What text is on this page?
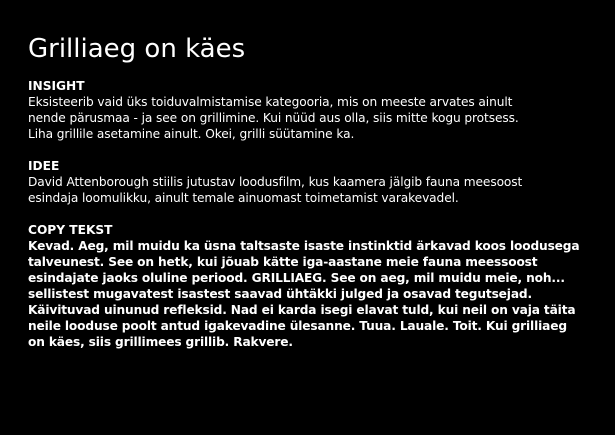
Grilliaeg on käes
INSIGHT
Eksisteerib vaid üks toiduvalmistamise kategooria, mis on meeste arvates ainult
nende pärusmaa - ja see on grillimine. Kui nüüd aus olla, siis mitte kogu protsess.
Liha grillile asetamine ainult. Okei, grilli süütamine ka.
IDEE
David Attenborough stiilis jutustav loodusfilm, kus kaamera jälgib fauna meesoost
esindaja loomulikku, ainult temale ainuomast toimetamist varakevadel.
COPY TEKST
Kevad. Aeg, mil muidu ka üsna taltsaste isaste instinktid ärkavad koos loodusega
talveunest. See on hetk, kui jõuab kätte iga-aastane meie fauna meessoost
esindajate jaoks oluline periood. GRILLIAEG. See on aeg, mil muidu meie, noh...
sellistest mugavatest isastest saavad ühtäkki julged ja osavad tegutsejad.
Käivituvad uinunud refleksid. Nad ei karda isegi elavat tuld, kui neil on vaja täita
neile looduse poolt antud igakevadine ülesanne. Tuua. Lauale. Toit. Kui grilliaeg
on käes, siis grillimees grillib. Rakvere.
